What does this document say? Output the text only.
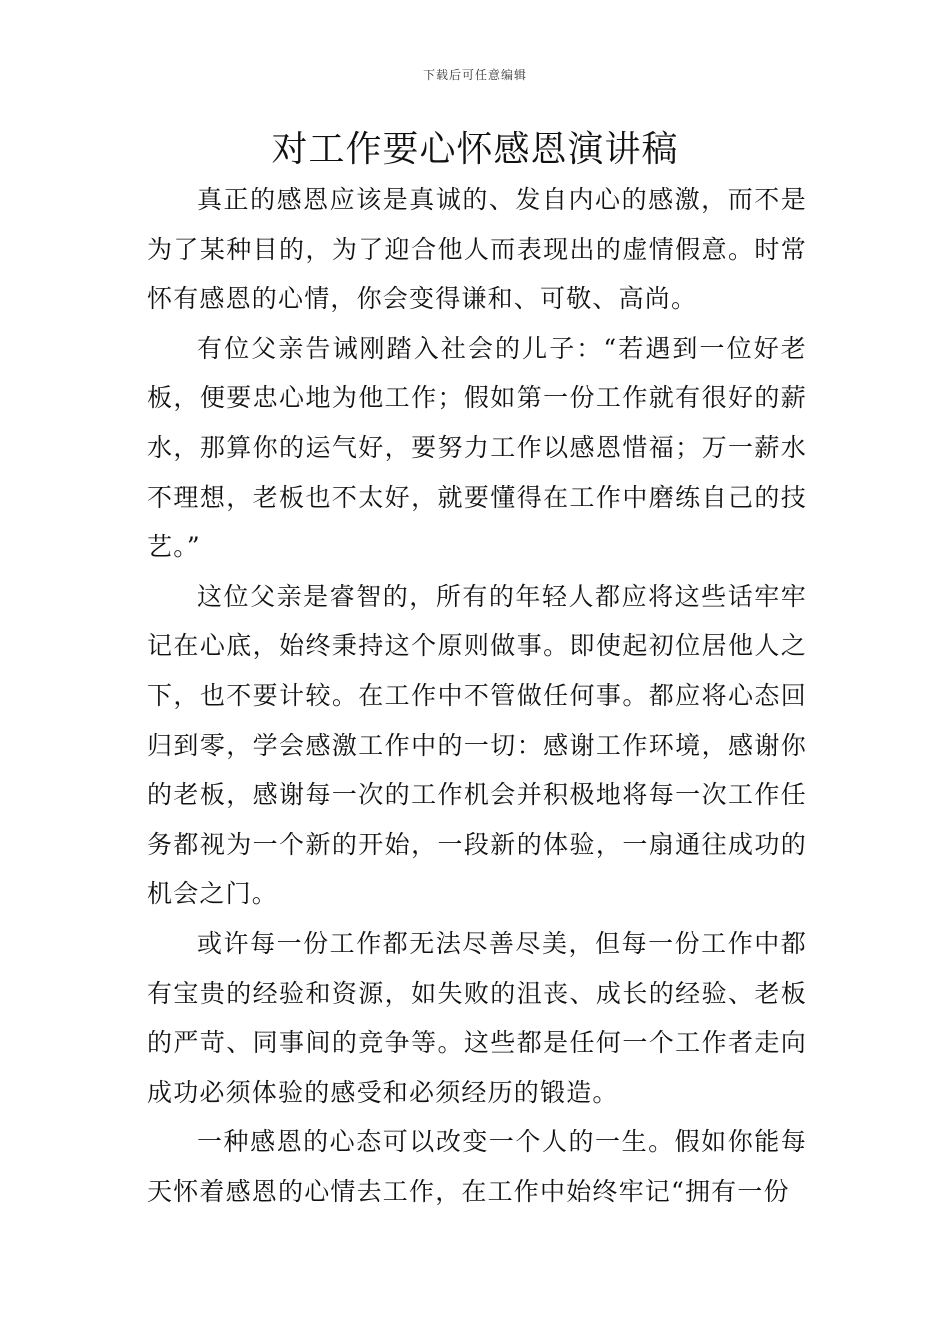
下载后可任意编辑
对工作要心怀感恩演讲稿

真正的感恩应该是真诚的、发自内心的感激，而不是为了某种目的，为了迎合他人而表现出的虚情假意。时常怀有感恩的心情，你会变得谦和、可敬、高尚。

有位父亲告诫刚踏入社会的儿子：“若遇到一位好老板，便要忠心地为他工作；假如第一份工作就有很好的薪水，那算你的运气好，要努力工作以感恩惜福；万一薪水不理想，老板也不太好，就要懂得在工作中磨练自己的技艺。”

这位父亲是睿智的，所有的年轻人都应将这些话牢牢记在心底，始终秉持这个原则做事。即使起初位居他人之下，也不要计较。在工作中不管做任何事。都应将心态回归到零，学会感激工作中的一切：感谢工作环境，感谢你的老板，感谢每一次的工作机会并积极地将每一次工作任务都视为一个新的开始，一段新的体验，一扇通往成功的机会之门。

或许每一份工作都无法尽善尽美，但每一份工作中都有宝贵的经验和资源，如失败的沮丧、成长的经验、老板的严苛、同事间的竞争等。这些都是任何一个工作者走向成功必须体验的感受和必须经历的锻造。

一种感恩的心态可以改变一个人的一生。假如你能每天怀着感恩的心情去工作，在工作中始终牢记“拥有一份
